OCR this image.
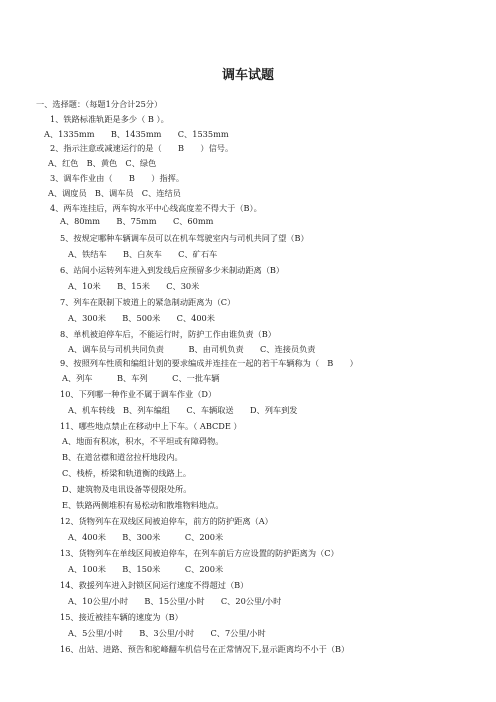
调车试题
一、选择题：（每题1分合计25分）
1、铁路标准轨距是多少（ B ）。
A、1335mm　　B、1435mm　　C、1535mm
2、指示注意或减速运行的是（　　B　　）信号。
A、红色　B、黄色　C、绿色
3、调车作业由（　　B　　）指挥。
A、调度员　B、调车员　C、连结员
4、两车连挂后，两车钩水平中心线高度差不得大于（B）。
A、80mm　　B、75mm　　C、60mm
5、按规定哪种车辆调车员可以在机车驾驶室内与司机共同了望（B）
A、铁结车　　B、白灰车　　C、矿石车
6、站间小运转列车进入到发线后应预留多少米制动距离（B）
A、10米　　B、15米　　C、30米
7、列车在限制下坡道上的紧急制动距离为（C）
A、300米　　B、500米　　C、400米
8、单机被迫停车后，不能运行时，防护工作由谁负责（B）
A、调车员与司机共同负责　　　B、由司机负责　　C、连接员负责
9、按照列车性质和编组计划的要求编成并连挂在一起的若干车辆称为（　B　　）
A、列车　　　B、车列　　　C、一批车辆
10、下列哪一种作业不属于调车作业（D）
A、机车转线　B、列车编组　　C、车辆取送　　D、列车到发
11、哪些地点禁止在移动中上下车。（ ABCDE ）
A、地面有积冰，积水，不平坦或有障碍物。
B、在道岔襟和道岔拉杆地段内。
C、栈桥，桥梁和轨道衡的线路上。
D、建筑物及电讯设备等侵限处所。
E、铁路两侧堆积有易松动和散堆物料地点。
12、货物列车在双线区间被迫停车，前方的防护距离（A）
A、400米　　B、300米　　　C、200米
13、货物列车在单线区间被迫停车，在列车前后方应设置的防护距离为（C）
A、100米　　B、150米　　　C、200米
14、救援列车进入封锁区间运行速度不得超过（B）
A、10公里/小时　　B、15公里/小时　　C、20公里/小时
15、接近被挂车辆的速度为（B）
A、5公里/小时　　B、3公里/小时　　C、7公里/小时
16、出站、进路、预告和驼峰翻车机信号在正常情况下,显示距离均不小于（B）
